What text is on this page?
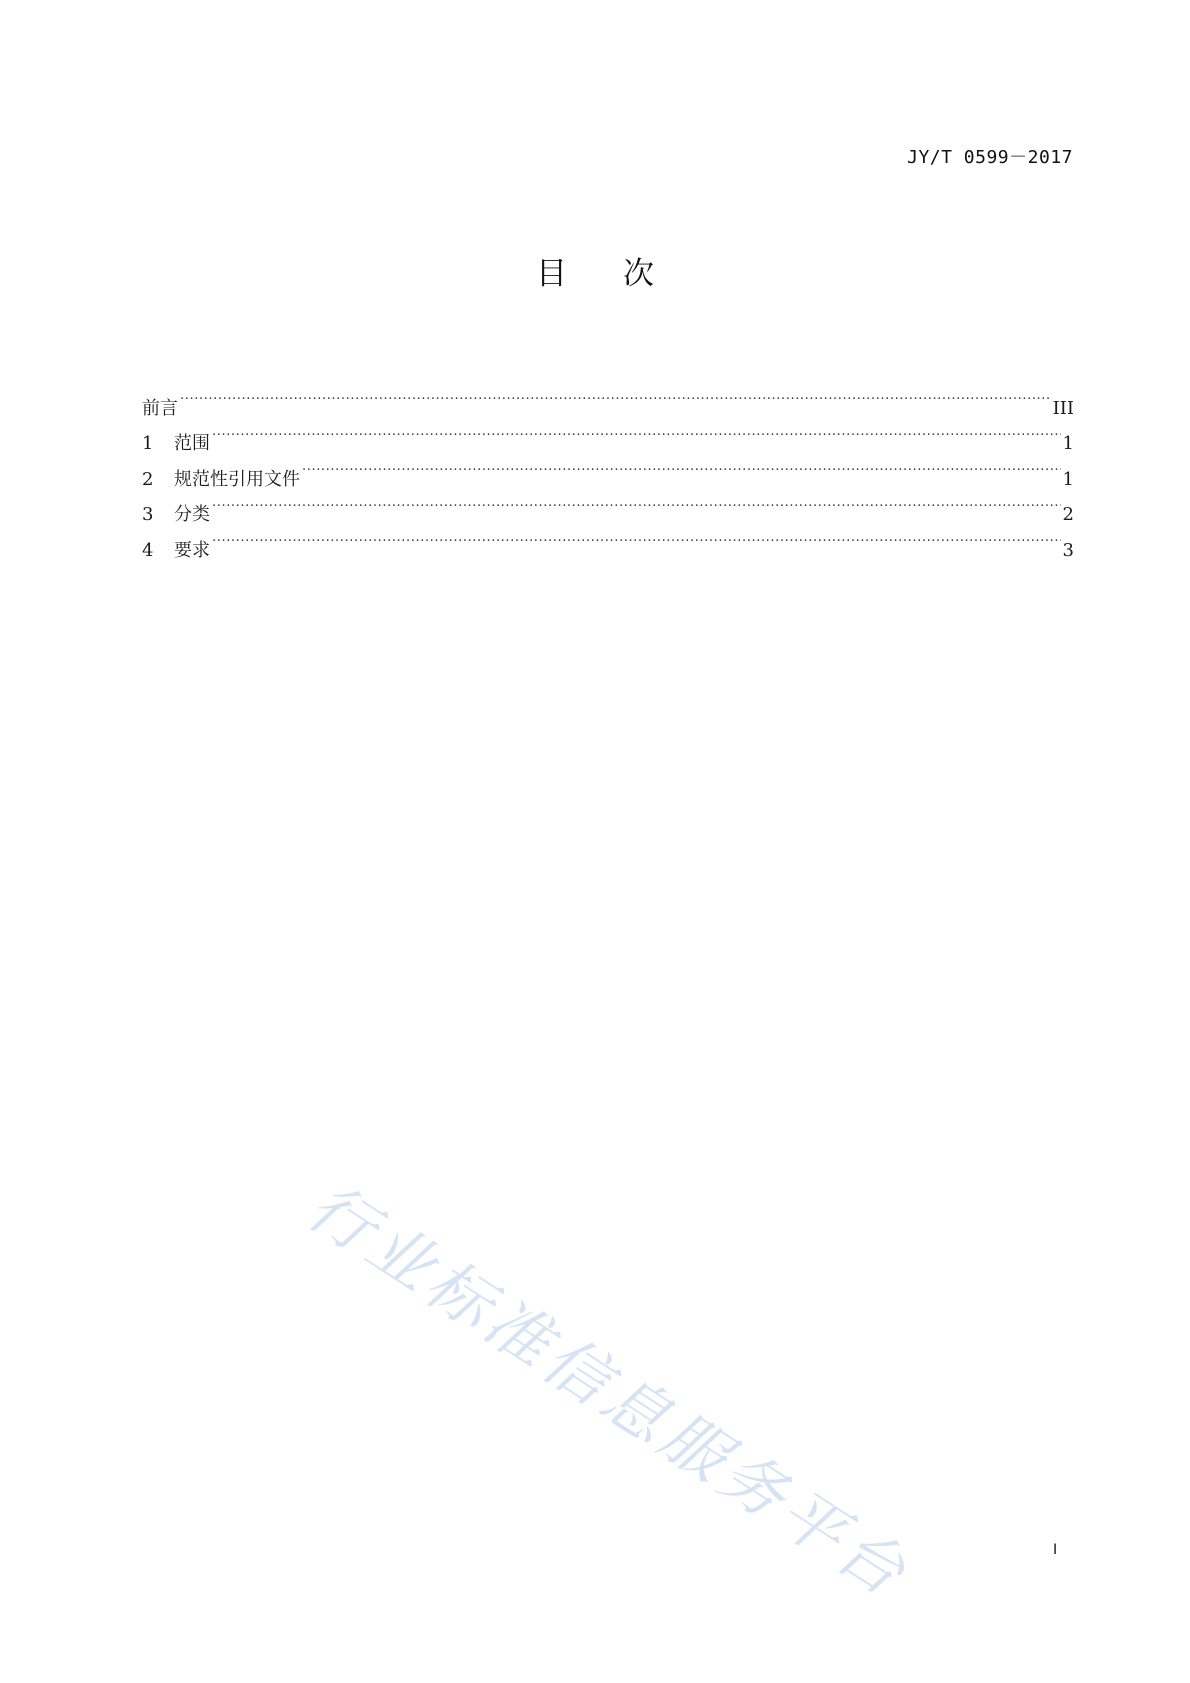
JY/T 0599－2017
目次
前言 .....	III
1	范围 .....	1
2	规范性引用文件 .....	1
3	分类 .....	2
4	要求 .....	3
行业标准信息服务平台	I
